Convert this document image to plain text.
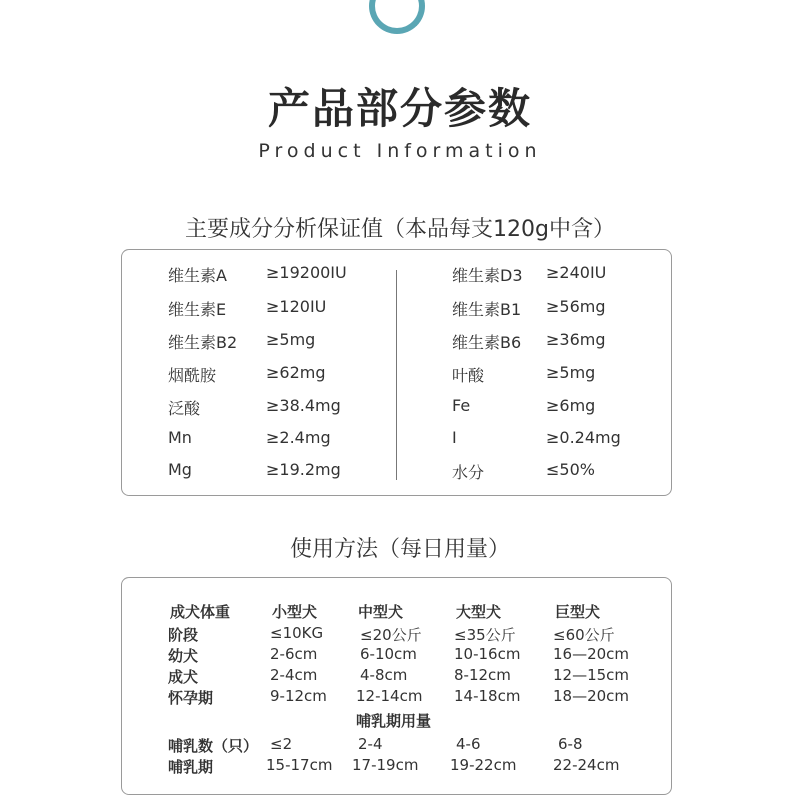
产品部分参数
Product Information
主要成分分析保证值（本品每支120g中含）
维生素A ≥19200IU
维生素E ≥120IU
维生素B2 ≥5mg
烟酰胺	≥62mg
泛酸	≥38.4mg
Mn	≥2.4mg
Mg	≥19.2mg
维生素D3 ≥240IU
维生素B1 ≥56mg
维生素B6 ≥36mg
叶酸	≥5mg
Fe	≥6mg
I	≥0.24mg
水分	≤50%
使用方法（每日用量）
成犬体重	小型犬	中型犬	大型犬	巨型犬
阶段	≤10KG ≤20公斤 ≤35公斤 ≤60公斤
幼犬	2-6cm	6-10cm 10-16cm 16—20cm
成犬	2-4cm	4-8cm	8-12cm	12—15cm
怀孕期	9-12cm 12-14cm 14-18cm 18—20cm
哺乳期用量
哺乳数（只） ≤2	2-4	4-6	6-8
哺乳期	15-17cm 17-19cm 19-22cm 22-24cm
